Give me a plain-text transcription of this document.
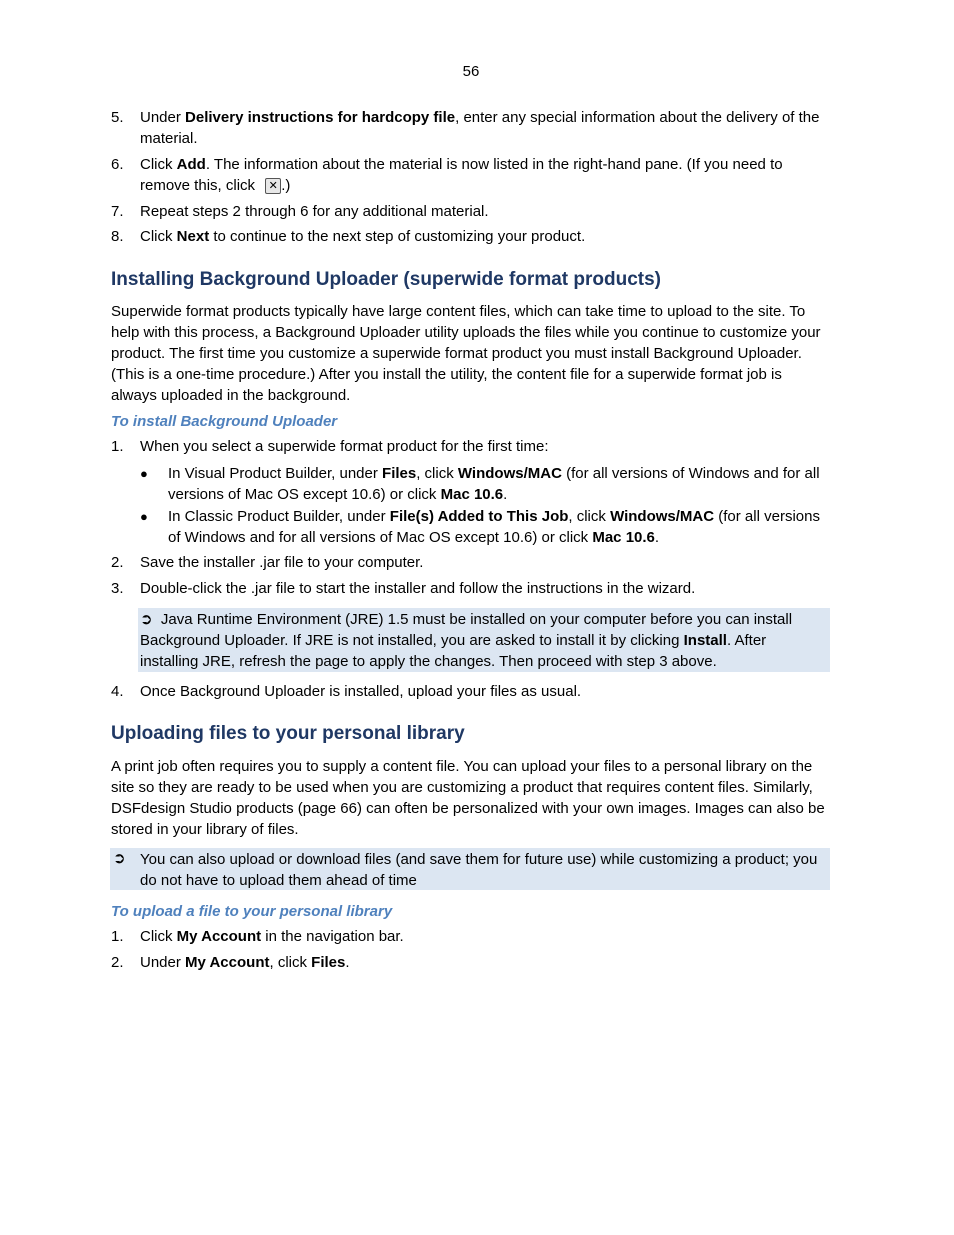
56
5. Under Delivery instructions for hardcopy file, enter any special information about the delivery of the material.
6. Click Add. The information about the material is now listed in the right-hand pane. (If you need to remove this, click ✕ .)
7. Repeat steps 2 through 6 for any additional material.
8. Click Next to continue to the next step of customizing your product.
Installing Background Uploader (superwide format products)
Superwide format products typically have large content files, which can take time to upload to the site. To help with this process, a Background Uploader utility uploads the files while you continue to customize your product. The first time you customize a superwide format product you must install Background Uploader. (This is a one-time procedure.) After you install the utility, the content file for a superwide format job is always uploaded in the background.
To install Background Uploader
1. When you select a superwide format product for the first time:
● In Visual Product Builder, under Files, click Windows/MAC (for all versions of Windows and for all versions of Mac OS except 10.6) or click Mac 10.6.
● In Classic Product Builder, under File(s) Added to This Job, click Windows/MAC (for all versions of Windows and for all versions of Mac OS except 10.6) or click Mac 10.6.
2. Save the installer .jar file to your computer.
3. Double-click the .jar file to start the installer and follow the instructions in the wizard.
➲ Java Runtime Environment (JRE) 1.5 must be installed on your computer before you can install Background Uploader. If JRE is not installed, you are asked to install it by clicking Install. After installing JRE, refresh the page to apply the changes. Then proceed with step 3 above.
4. Once Background Uploader is installed, upload your files as usual.
Uploading files to your personal library
A print job often requires you to supply a content file. You can upload your files to a personal library on the site so they are ready to be used when you are customizing a product that requires content files. Similarly, DSFdesign Studio products (page 66) can often be personalized with your own images. Images can also be stored in your library of files.
➲ You can also upload or download files (and save them for future use) while customizing a product; you do not have to upload them ahead of time
To upload a file to your personal library
1. Click My Account in the navigation bar.
2. Under My Account, click Files.
